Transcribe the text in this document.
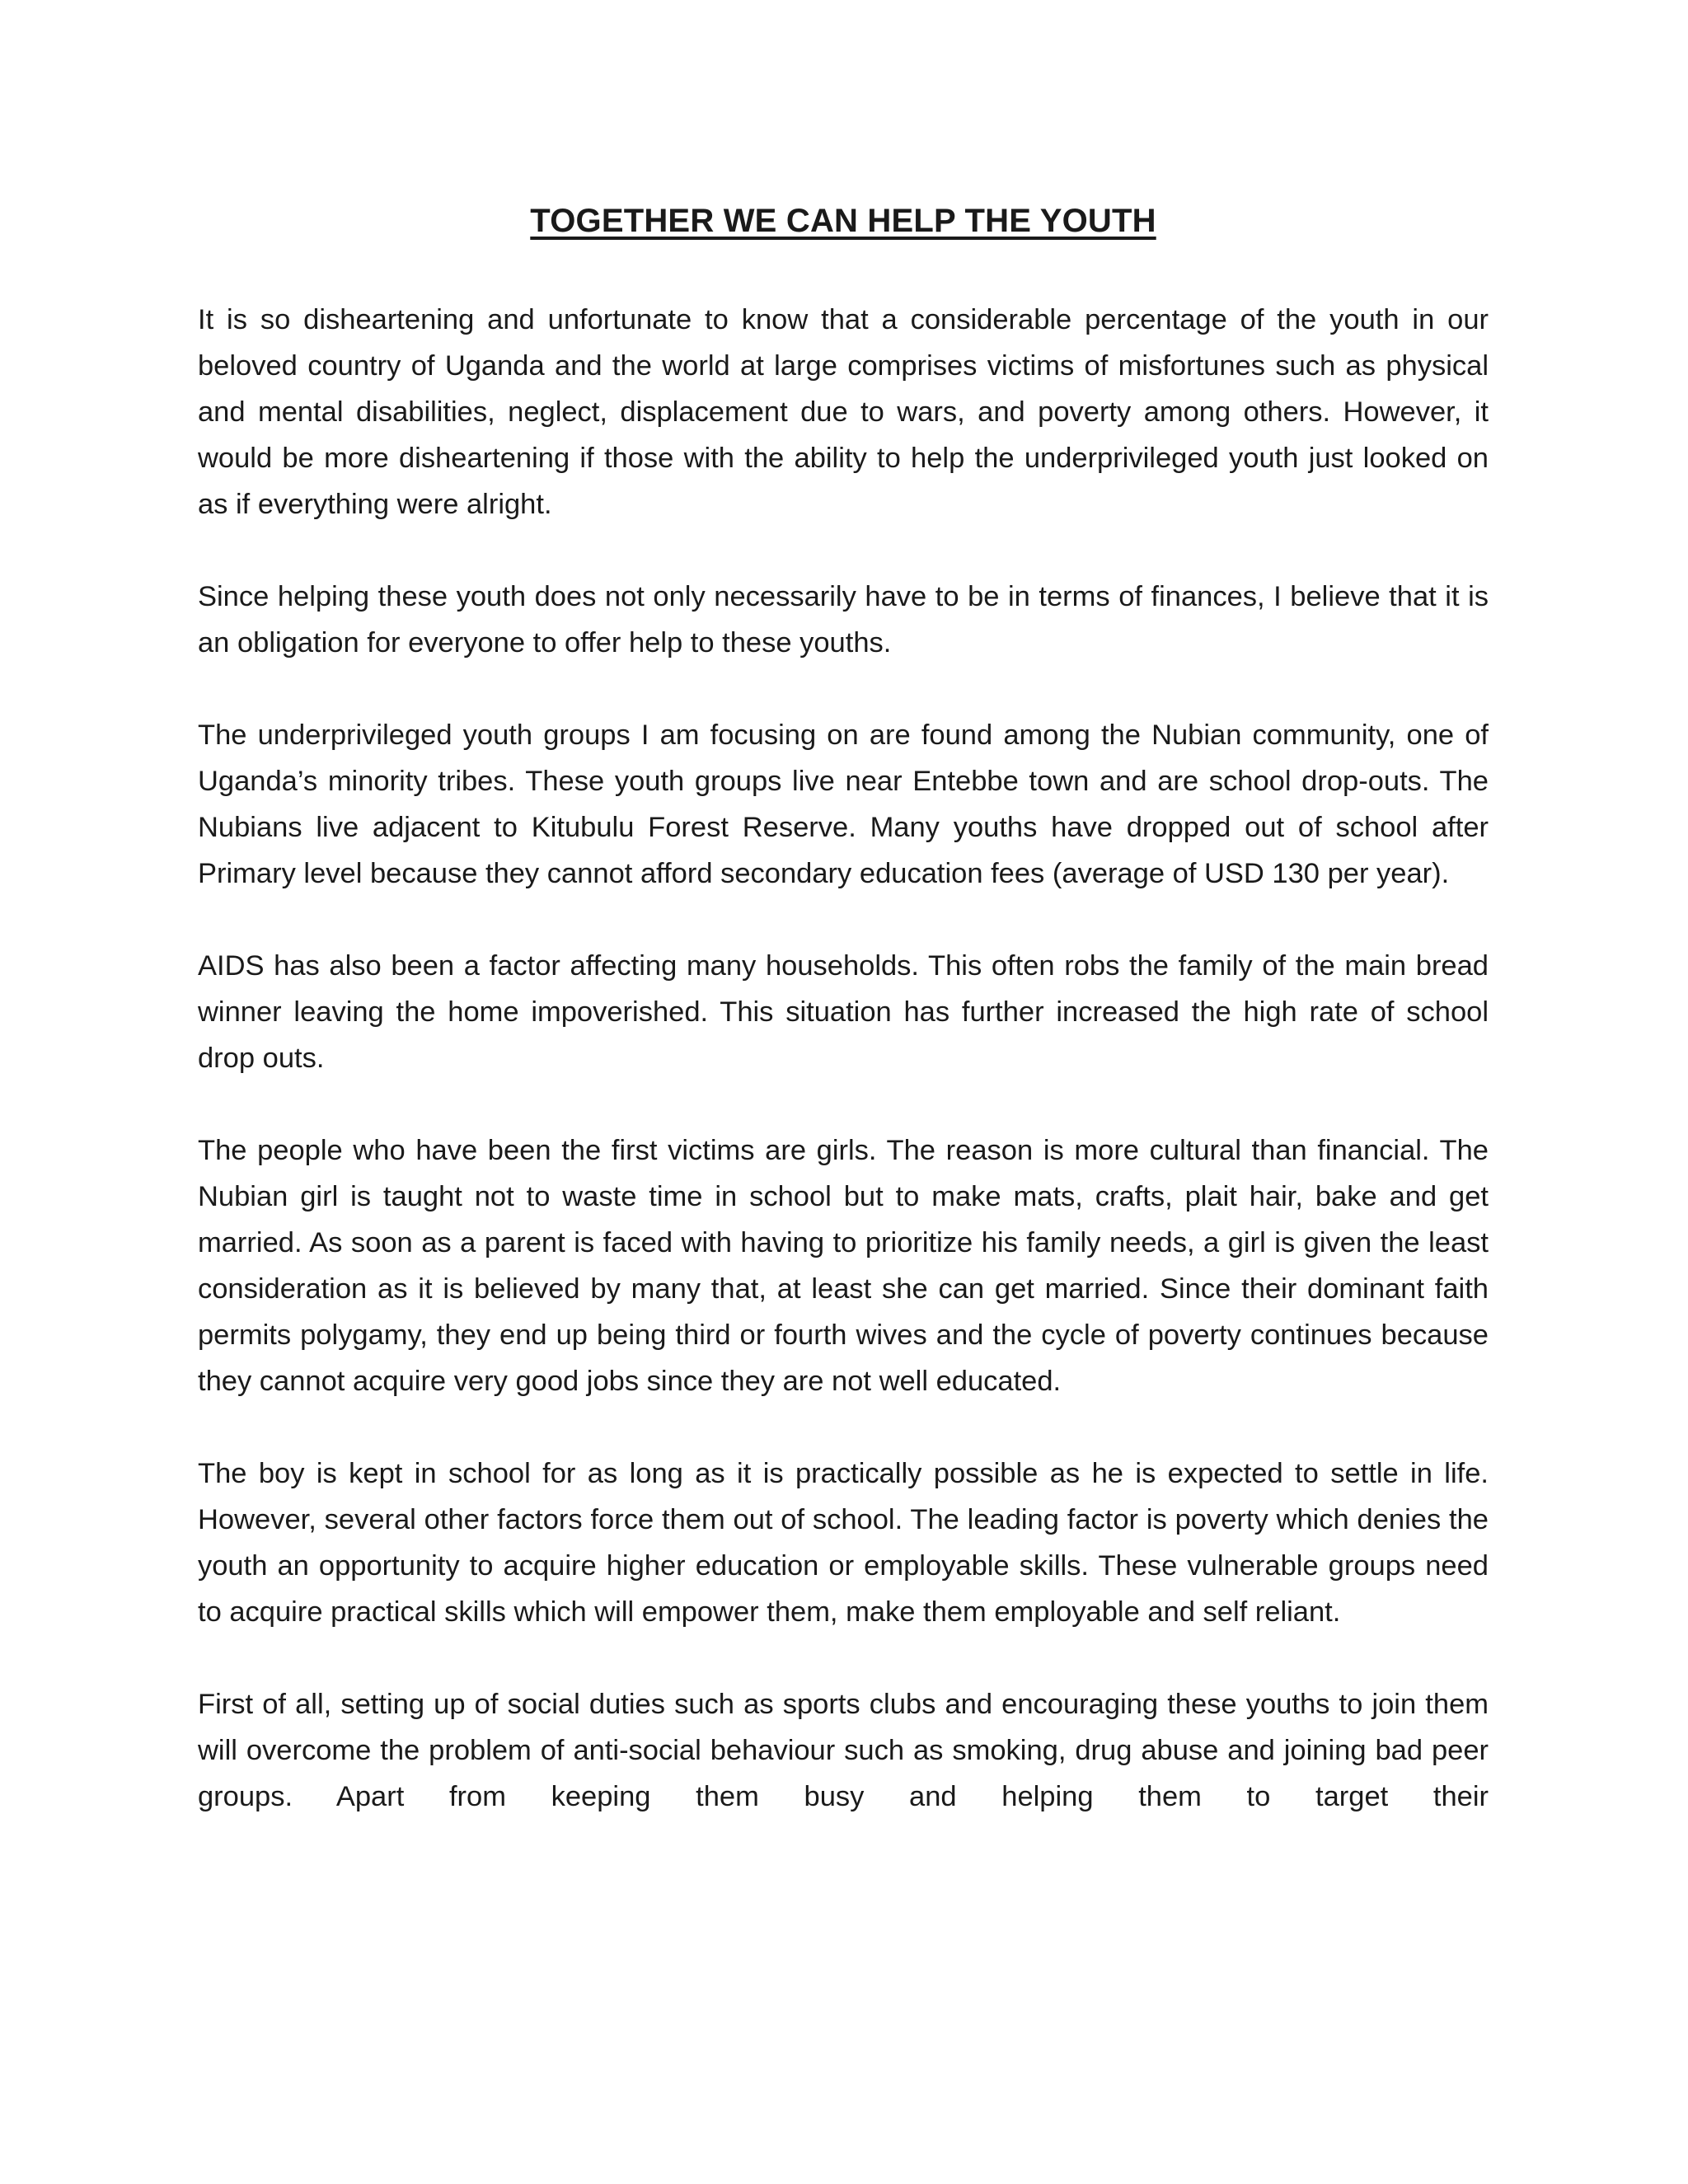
TOGETHER WE CAN HELP THE YOUTH

It is so disheartening and unfortunate to know that a considerable percentage of the youth in our beloved country of Uganda and the world at large comprises victims of misfortunes such as physical and mental disabilities, neglect, displacement due to wars, and poverty among others. However, it would be more disheartening if those with the ability to help the underprivileged youth just looked on as if everything were alright.

Since helping these youth does not only necessarily have to be in terms of finances, I believe that it is an obligation for everyone to offer help to these youths.

The underprivileged youth groups I am focusing on are found among the Nubian community, one of Uganda’s minority tribes. These youth groups live near Entebbe town and are school drop-outs. The Nubians live adjacent to Kitubulu Forest Reserve. Many youths have dropped out of school after Primary level because they cannot afford secondary education fees (average of USD 130 per year).

AIDS has also been a factor affecting many households. This often robs the family of the main bread winner leaving the home impoverished. This situation has further increased the high rate of school drop outs.

The people who have been the first victims are girls. The reason is more cultural than financial. The Nubian girl is taught not to waste time in school but to make mats, crafts, plait hair, bake and get married. As soon as a parent is faced with having to prioritize his family needs, a girl is given the least consideration as it is believed by many that, at least she can get married. Since their dominant faith permits polygamy, they end up being third or fourth wives and the cycle of poverty continues because they cannot acquire very good jobs since they are not well educated.

The boy is kept in school for as long as it is practically possible as he is expected to settle in life. However, several other factors force them out of school. The leading factor is poverty which denies the youth an opportunity to acquire higher education or employable skills. These vulnerable groups need to acquire practical skills which will empower them, make them employable and self reliant.

First of all, setting up of social duties such as sports clubs and encouraging these youths to join them will overcome the problem of anti-social behaviour such as smoking, drug abuse and joining bad peer groups. Apart from keeping them busy and helping them to target their
